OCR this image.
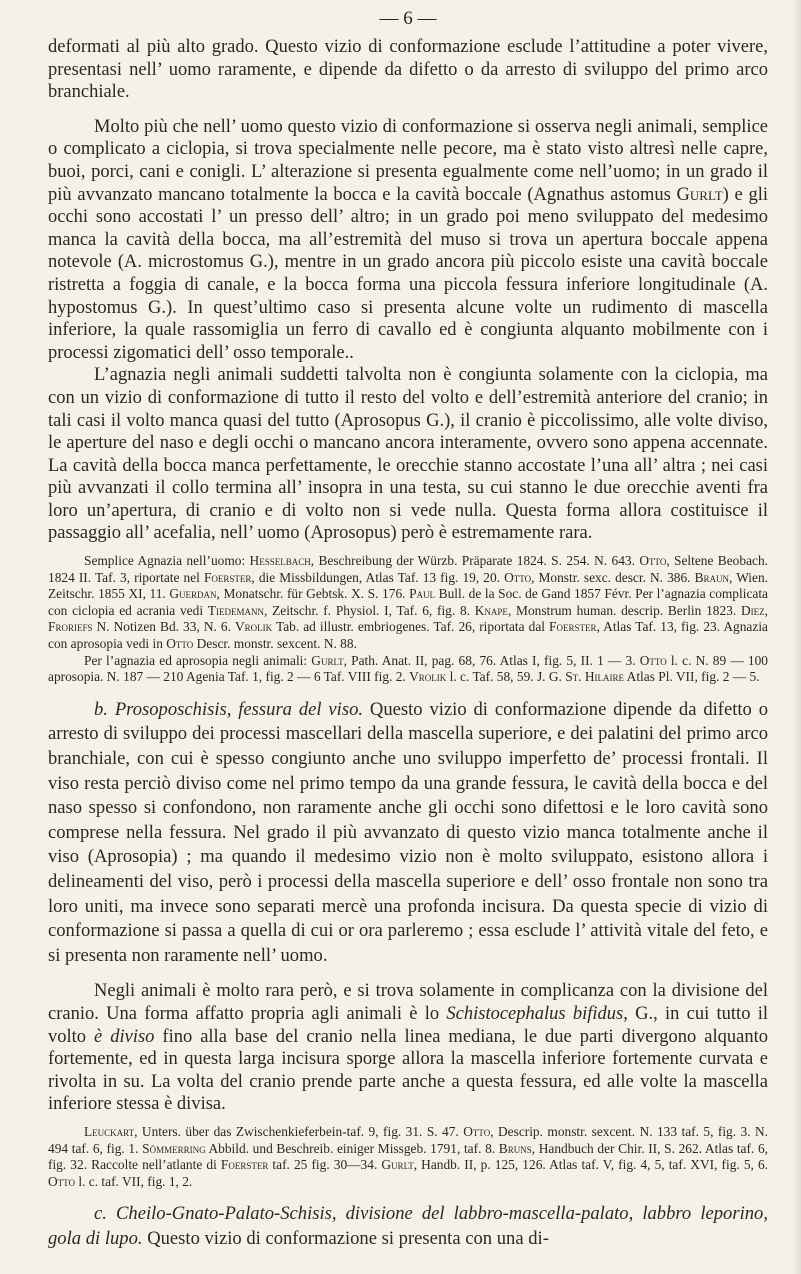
— 6 —

deformati al più alto grado. Questo vizio di conformazione esclude l’attitudine a poter vivere, presentasi nell’ uomo raramente, e dipende da difetto o da arresto di sviluppo del primo arco branchiale.

Molto più che nell’ uomo questo vizio di conformazione si osserva negli animali, semplice o complicato a ciclopia, si trova specialmente nelle pecore, ma è stato visto altresì nelle capre, buoi, porci, cani e conigli. L’ alterazione si presenta egualmente come nell’uomo; in un grado il più avvanzato mancano totalmente la bocca e la cavità boccale (Agnathus astomus Gurlt) e gli occhi sono accostati l’ un presso dell’ altro; in un grado poi meno sviluppato del medesimo manca la cavità della bocca, ma all’estremità del muso si trova un apertura boccale appena notevole (A. microstomus G.), mentre in un grado ancora più piccolo esiste una cavità boccale ristretta a foggia di canale, e la bocca forma una piccola fessura inferiore longitudinale (A. hypostomus G.). In quest’ultimo caso si presenta alcune volte un rudimento di mascella inferiore, la quale rassomiglia un ferro di cavallo ed è congiunta alquanto mobilmente con i processi zigomatici dell’ osso temporale..

L’agnazia negli animali suddetti talvolta non è congiunta solamente con la ciclopia, ma con un vizio di conformazione di tutto il resto del volto e dell’estremità anteriore del cranio; in tali casi il volto manca quasi del tutto (Aprosopus G.), il cranio è piccolissimo, alle volte diviso, le aperture del naso e degli occhi o mancano ancora interamente, ovvero sono appena accennate. La cavità della bocca manca perfettamente, le orecchie stanno accostate l’una all’ altra ; nei casi più avvanzati il collo termina all’ insopra in una testa, su cui stanno le due orecchie aventi fra loro un’apertura, di cranio e di volto non si vede nulla. Questa forma allora costituisce il passaggio all’ acefalia, nell’ uomo (Aprosopus) però è estremamente rara.

Semplice Agnazia nell’uomo: Hesselbach, Beschreibung der Würzb. Präparate 1824. S. 254. N. 643. Otto, Seltene Beobach. 1824 II. Taf. 3, riportate nel Foerster, die Missbildungen, Atlas Taf. 13 fig. 19, 20. Otto, Monstr. sexc. descr. N. 386. Braun, Wien. Zeitschr. 1855 XI, 11. Guerdan, Monatschr. für Gebtsk. X. S. 176. Paul Bull. de la Soc. de Gand 1857 Févr. Per l’agnazia complicata con ciclopia ed acrania vedi Tiedemann, Zeitschr. f. Physiol. I, Taf. 6, fig. 8. Knape, Monstrum human. descrip. Berlin 1823. Diez, Froriefs N. Notizen Bd. 33, N. 6. Vrolik Tab. ad illustr. embriogenes. Taf. 26, riportata dal Foerster, Atlas Taf. 13, fig. 23. Agnazia con aprosopia vedi in Otto Descr. monstr. sexcent. N. 88.

Per l’agnazia ed aprosopia negli animali: Gurlt, Path. Anat. II, pag. 68, 76. Atlas I, fig. 5, II. 1 — 3. Otto l. c. N. 89 — 100 aprosopia. N. 187 — 210 Agenia Taf. 1, fig. 2 — 6 Taf. VIII fig. 2. Vrolik l. c. Taf. 58, 59. J. G. St. Hilaire Atlas Pl. VII, fig. 2 — 5.

b. Prosoposchisis, fessura del viso. Questo vizio di conformazione dipende da difetto o arresto di sviluppo dei processi mascellari della mascella superiore, e dei palatini del primo arco branchiale, con cui è spesso congiunto anche uno sviluppo imperfetto de’ processi frontali. Il viso resta perciò diviso come nel primo tempo da una grande fessura, le cavità della bocca e del naso spesso si confondono, non raramente anche gli occhi sono difettosi e le loro cavità sono comprese nella fessura. Nel grado il più avvanzato di questo vizio manca totalmente anche il viso (Aprosopia) ; ma quando il medesimo vizio non è molto sviluppato, esistono allora i delineamenti del viso, però i processi della mascella superiore e dell’ osso frontale non sono tra loro uniti, ma invece sono separati mercè una profonda incisura. Da questa specie di vizio di conformazione si passa a quella di cui or ora parleremo ; essa esclude l’ attività vitale del feto, e si presenta non raramente nell’ uomo.

Negli animali è molto rara però, e si trova solamente in complicanza con la divisione del cranio. Una forma affatto propria agli animali è lo Schistocephalus bifidus, G., in cui tutto il volto è diviso fino alla base del cranio nella linea mediana, le due parti divergono alquanto fortemente, ed in questa larga incisura sporge allora la mascella inferiore fortemente curvata e rivolta in su. La volta del cranio prende parte anche a questa fessura, ed alle volte la mascella inferiore stessa è divisa.

Leuckart, Unters. über das Zwischenkieferbein-taf. 9, fig. 31. S. 47. Otto, Descrip. monstr. sexcent. N. 133 taf. 5, fig. 3. N. 494 taf. 6, fig. 1. Sömmerring Abbild. und Beschreib. einiger Missgeb. 1791, taf. 8. Bruns, Handbuch der Chir. II, S. 262. Atlas taf. 6, fig. 32. Raccolte nell’atlante di Foerster taf. 25 fig. 30—34. Gurlt, Handb. II, p. 125, 126. Atlas taf. V, fig. 4, 5, taf. XVI, fig. 5, 6. Otto l. c. taf. VII, fig. 1, 2.

c. Cheilo-Gnato-Palato-Schisis, divisione del labbro-mascella-palato, labbro leporino, gola di lupo. Questo vizio di conformazione si presenta con una di-
